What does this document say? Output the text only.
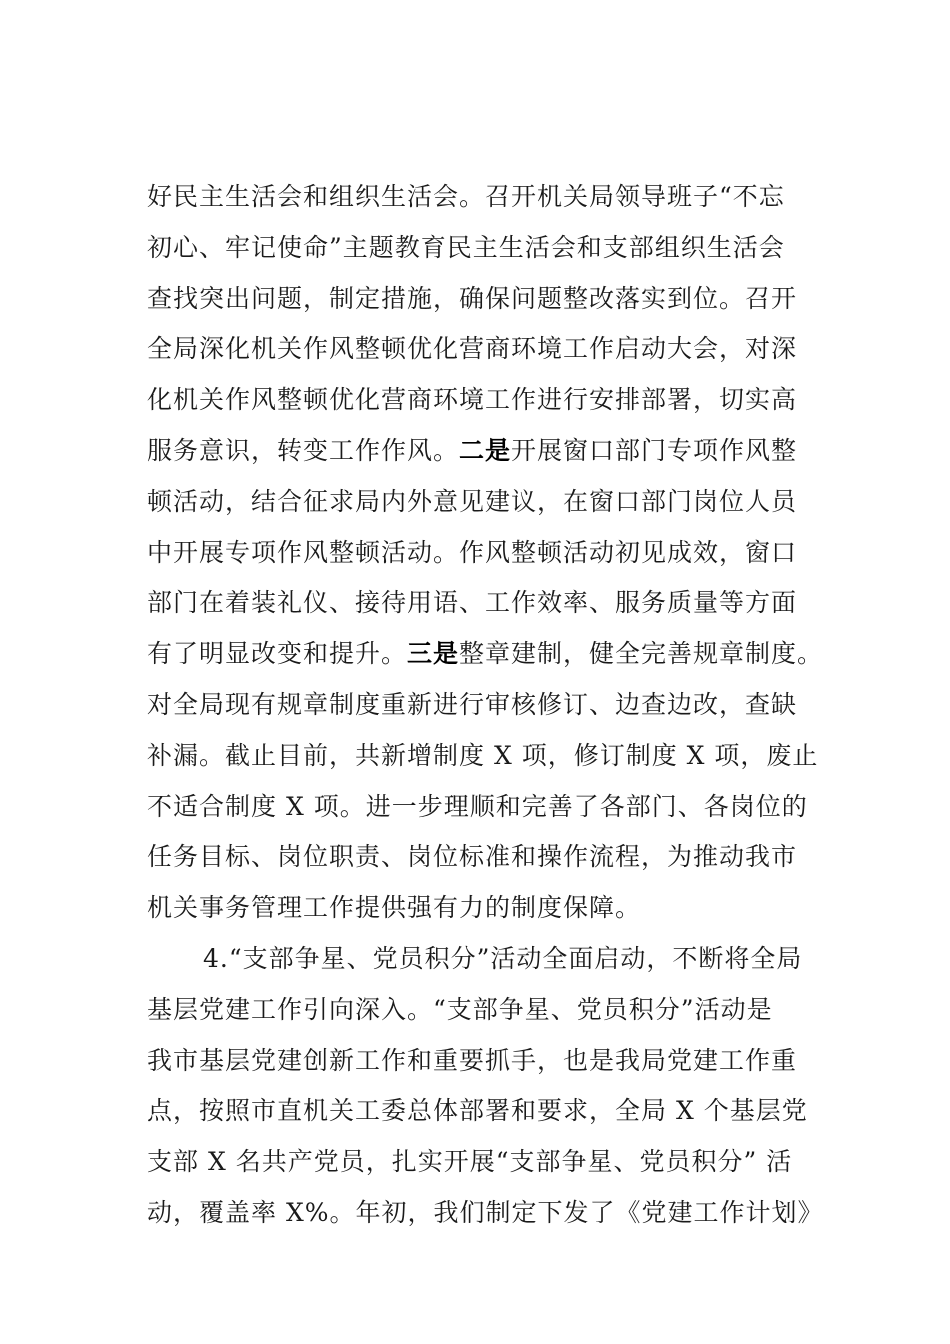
好民主生活会和组织生活会。召开机关局领导班子“不忘
初心、牢记使命”主题教育民主生活会和支部组织生活会
查找突出问题，制定措施，确保问题整改落实到位。召开
全局深化机关作风整顿优化营商环境工作启动大会，对深
化机关作风整顿优化营商环境工作进行安排部署，切实高
服务意识，转变工作作风。二是开展窗口部门专项作风整
顿活动，结合征求局内外意见建议，在窗口部门岗位人员
中开展专项作风整顿活动。作风整顿活动初见成效，窗口
部门在着装礼仪、接待用语、工作效率、服务质量等方面
有了明显改变和提升。三是整章建制，健全完善规章制度。
对全局现有规章制度重新进行审核修订、边查边改，查缺
补漏。截止目前，共新增制度 X 项，修订制度 X 项，废止
不适合制度 X 项。进一步理顺和完善了各部门、各岗位的
任务目标、岗位职责、岗位标准和操作流程，为推动我市
机关事务管理工作提供强有力的制度保障。
4.“支部争星、党员积分”活动全面启动，不断将全局
基层党建工作引向深入。“支部争星、党员积分”活动是
我市基层党建创新工作和重要抓手，也是我局党建工作重
点，按照市直机关工委总体部署和要求，全局 X 个基层党
支部 X 名共产党员，扎实开展“支部争星、党员积分” 活
动，覆盖率 X%。年初，我们制定下发了《党建工作计划》
